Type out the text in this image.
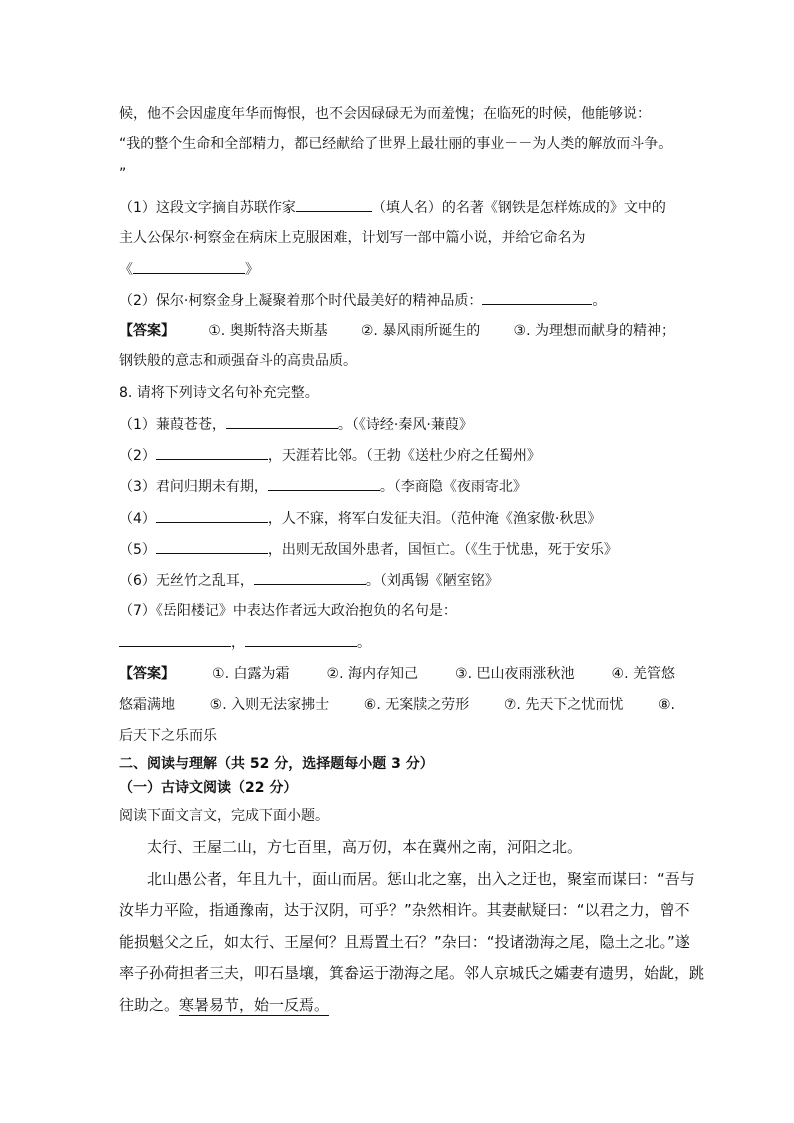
候，他不会因虚度年华而悔恨，也不会因碌碌无为而羞愧；在临死的时候，他能够说：
“我的整个生命和全部精力，都已经献给了世界上最壮丽的事业－－为人类的解放而斗争。
”
（1）这段文字摘自苏联作家	（填人名）的名著《钢铁是怎样炼成的》文中的
主人公保尔·柯察金在病床上克服困难，计划写一部中篇小说，并给它命名为
《	》
（2）保尔·柯察金身上凝聚着那个时代最美好的精神品质：	。
【答案】 ①. 奥斯特洛夫斯基 ②. 暴风雨所诞生的 ③. 为理想而献身的精神；
钢铁般的意志和顽强奋斗的高贵品质。
8. 请将下列诗文名句补充完整。
（1）蒹葭苍苍，	。（《诗经·秦风·蒹葭》
（2）	，天涯若比邻。（王勃《送杜少府之任蜀州》
（3）君问归期未有期，	。（李商隐《夜雨寄北》
（4）	，人不寐，将军白发征夫泪。（范仲淹《渔家傲·秋思》
（5）	，出则无敌国外患者，国恒亡。（《生于忧患，死于安乐》
（6）无丝竹之乱耳，	。（刘禹锡《陋室铭》
（7）《岳阳楼记》中表达作者远大政治抱负的名句是：
，	。
【答案】	①. 白露为霜	②. 海内存知己	③. 巴山夜雨涨秋池	④. 羌管悠
悠霜满地 ⑤. 入则无法家拂士 ⑥. 无案牍之劳形 ⑦. 先天下之忧而忧 ⑧.
后天下之乐而乐
二、阅读与理解（共 52 分，选择题每小题 3 分）
（一）古诗文阅读（22 分）
阅读下面文言文，完成下面小题。
太行、王屋二山，方七百里，高万仞，本在冀州之南，河阳之北。
北山愚公者，年且九十，面山而居。惩山北之塞，出入之迂也，聚室而谋曰：“吾与
汝毕力平险，指通豫南，达于汉阴，可乎？”杂然相许。其妻献疑曰：“以君之力，曾不
能损魁父之丘，如太行、王屋何？且焉置土石？”杂曰：“投诸渤海之尾，隐土之北。”遂
率子孙荷担者三夫，叩石垦壤，箕畚运于渤海之尾。邻人京城氏之孀妻有遗男，始龀，跳
往助之。寒暑易节，始一反焉。
